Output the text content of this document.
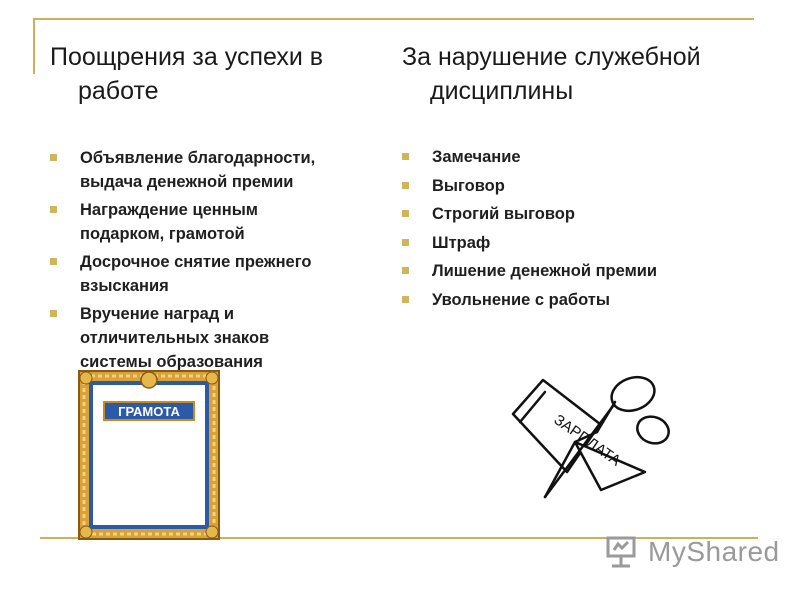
Поощрения за успехи в
работе
Объявление благодарности,
выдача денежной премии
Награждение ценным
подарком, грамотой
Досрочное снятие прежнего
взыскания
Вручение наград и
отличительных знаков
системы образования
За нарушение служебной
дисциплины
Замечание
Выговор
Строгий выговор
Штраф
Лишение денежной премии
Увольнение с работы
ГРАМОТА	ЗАРПЛАТА
MyShared
